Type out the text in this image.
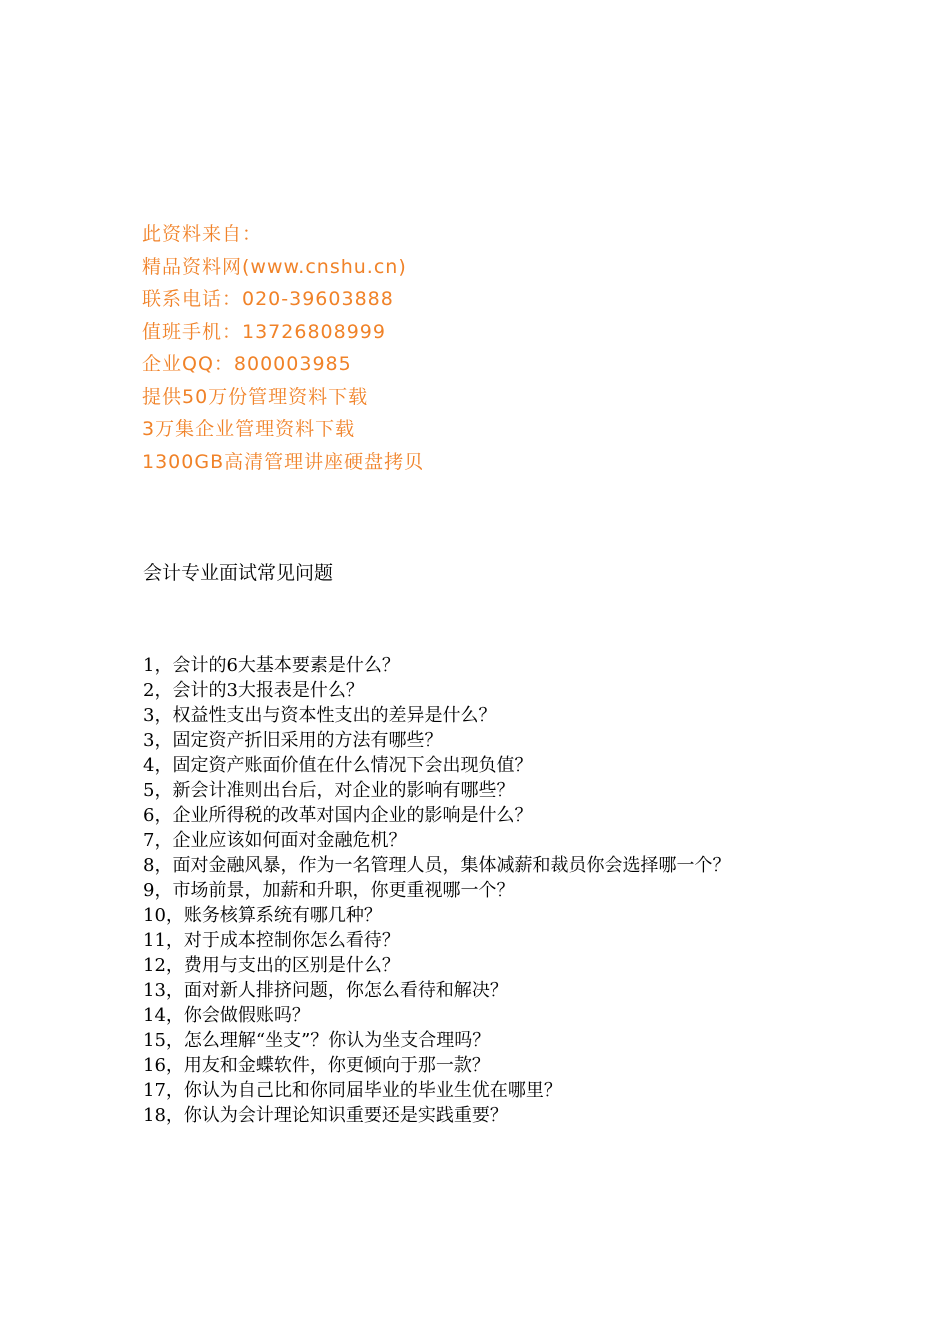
此资料来自：
精品资料网(www.cnshu.cn)
联系电话：020-39603888
值班手机：13726808999
企业QQ：800003985
提供50万份管理资料下载
3万集企业管理资料下载
1300GB高清管理讲座硬盘拷贝
会计专业面试常见问题
1，会计的6大基本要素是什么？
2，会计的3大报表是什么？
3，权益性支出与资本性支出的差异是什么？
3，固定资产折旧采用的方法有哪些？
4，固定资产账面价值在什么情况下会出现负值？
5，新会计准则出台后，对企业的影响有哪些？
6，企业所得税的改革对国内企业的影响是什么？
7，企业应该如何面对金融危机？
8，面对金融风暴，作为一名管理人员，集体减薪和裁员你会选择哪一个？
9，市场前景，加薪和升职，你更重视哪一个？
10，账务核算系统有哪几种？
11，对于成本控制你怎么看待？
12，费用与支出的区别是什么？
13，面对新人排挤问题，你怎么看待和解决？
14，你会做假账吗？
15，怎么理解“坐支”？你认为坐支合理吗？
16，用友和金蝶软件，你更倾向于那一款？
17，你认为自己比和你同届毕业的毕业生优在哪里？
18，你认为会计理论知识重要还是实践重要？
